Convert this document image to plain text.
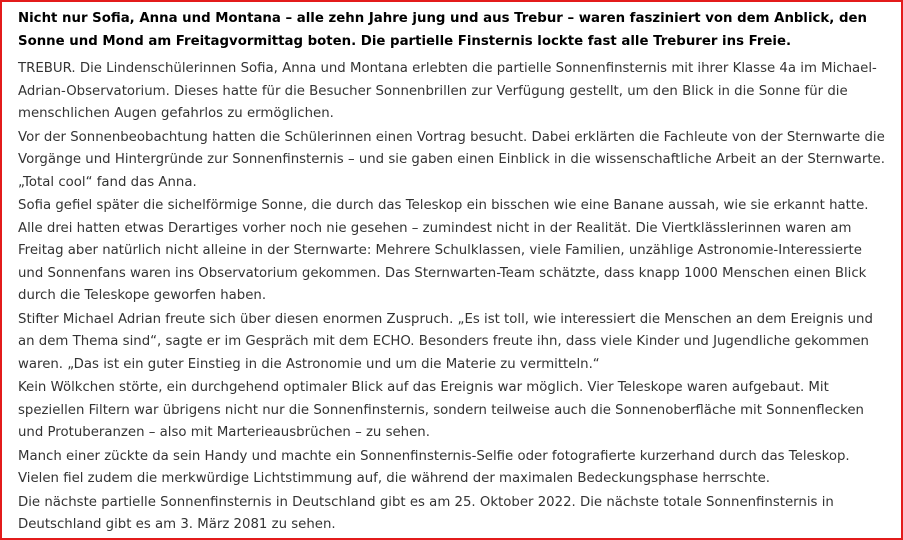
Nicht nur Sofia, Anna und Montana – alle zehn Jahre jung und aus Trebur – waren fasziniert von dem Anblick, den Sonne und Mond am Freitagvormittag boten. Die partielle Finsternis lockte fast alle Treburer ins Freie.

TREBUR. Die Lindenschülerinnen Sofia, Anna und Montana erlebten die partielle Sonnenfinsternis mit ihrer Klasse 4a im Michael-Adrian-Observatorium. Dieses hatte für die Besucher Sonnenbrillen zur Verfügung gestellt, um den Blick in die Sonne für die menschlichen Augen gefahrlos zu ermöglichen.

Vor der Sonnenbeobachtung hatten die Schülerinnen einen Vortrag besucht. Dabei erklärten die Fachleute von der Sternwarte die Vorgänge und Hintergründe zur Sonnenfinsternis – und sie gaben einen Einblick in die wissenschaftliche Arbeit an der Sternwarte. „Total cool“ fand das Anna.

Sofia gefiel später die sichelförmige Sonne, die durch das Teleskop ein bisschen wie eine Banane aussah, wie sie erkannt hatte. Alle drei hatten etwas Derartiges vorher noch nie gesehen – zumindest nicht in der Realität. Die Viertklässlerinnen waren am Freitag aber natürlich nicht alleine in der Sternwarte: Mehrere Schulklassen, viele Familien, unzählige Astronomie-Interessierte und Sonnenfans waren ins Observatorium gekommen. Das Sternwarten-Team schätzte, dass knapp 1000 Menschen einen Blick durch die Teleskope geworfen haben.

Stifter Michael Adrian freute sich über diesen enormen Zuspruch. „Es ist toll, wie interessiert die Menschen an dem Ereignis und an dem Thema sind“, sagte er im Gespräch mit dem ECHO. Besonders freute ihn, dass viele Kinder und Jugendliche gekommen waren. „Das ist ein guter Einstieg in die Astronomie und um die Materie zu vermitteln.“

Kein Wölkchen störte, ein durchgehend optimaler Blick auf das Ereignis war möglich. Vier Teleskope waren aufgebaut. Mit speziellen Filtern war übrigens nicht nur die Sonnenfinsternis, sondern teilweise auch die Sonnenoberfläche mit Sonnenflecken und Protuberanzen – also mit Marterieausbrüchen – zu sehen.

Manch einer zückte da sein Handy und machte ein Sonnenfinsternis-Selfie oder fotografierte kurzerhand durch das Teleskop. Vielen fiel zudem die merkwürdige Lichtstimmung auf, die während der maximalen Bedeckungsphase herrschte.

Die nächste partielle Sonnenfinsternis in Deutschland gibt es am 25. Oktober 2022. Die nächste totale Sonnenfinsternis in Deutschland gibt es am 3. März 2081 zu sehen.
